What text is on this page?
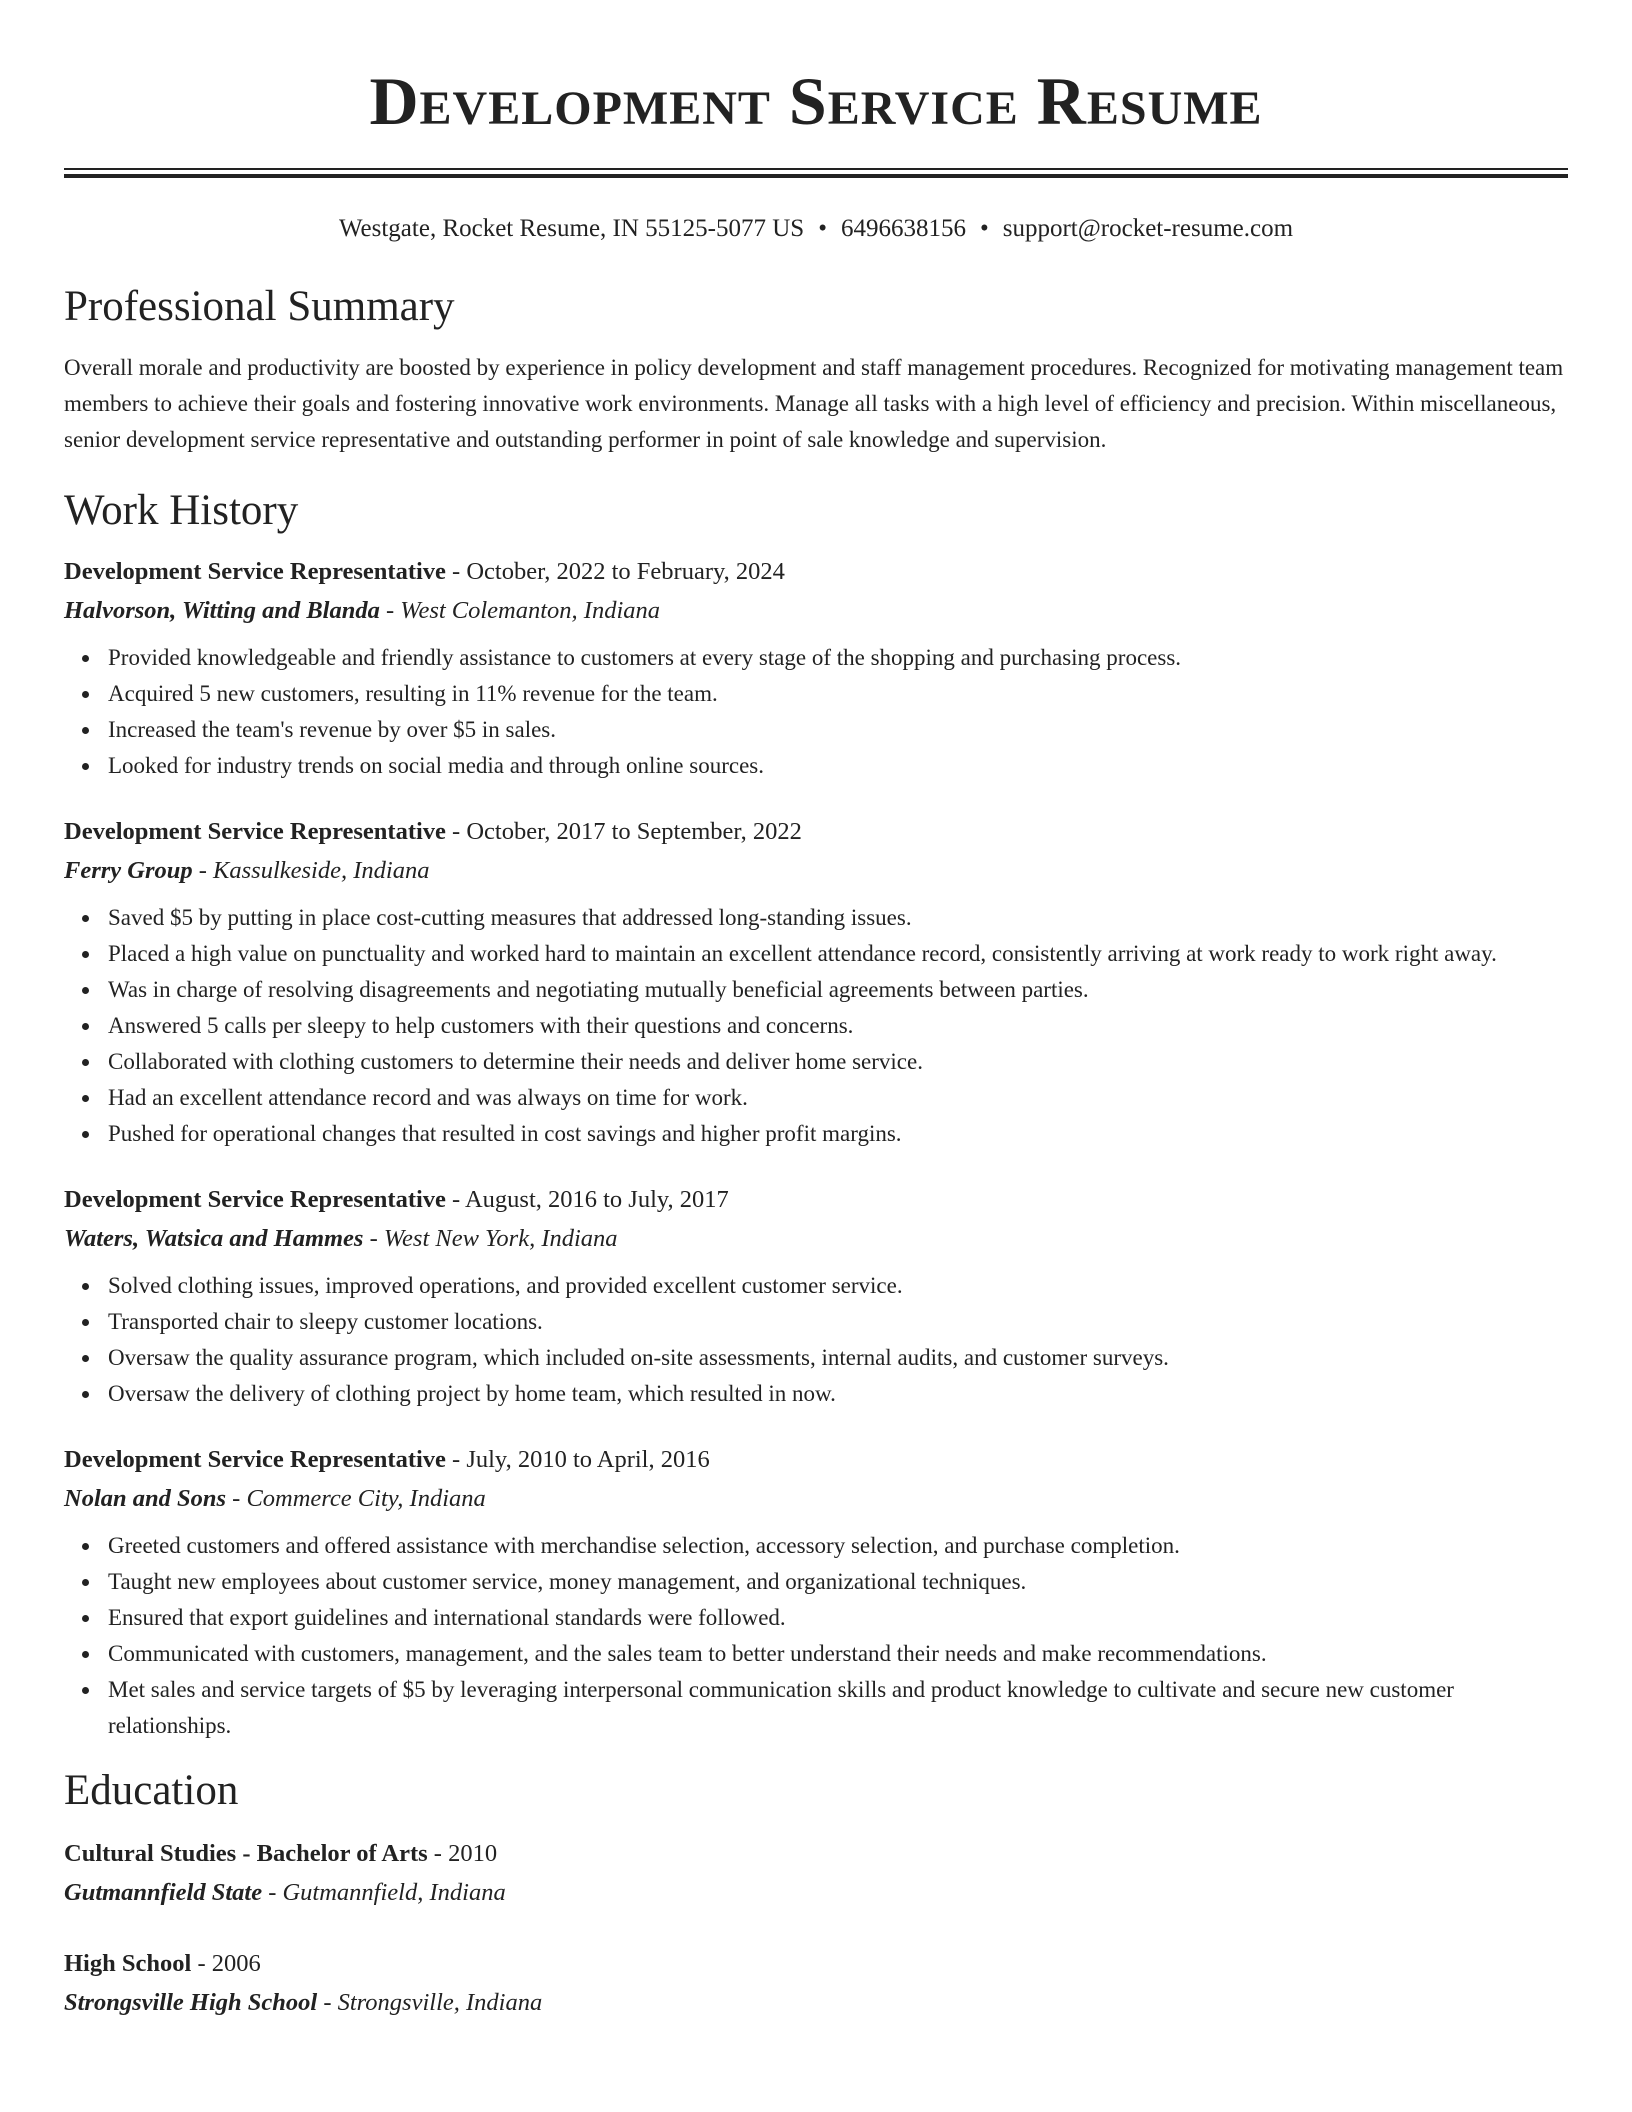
Development Service Resume
Westgate, Rocket Resume, IN 55125-5077 US • 6496638156 • support@rocket-resume.com
Professional Summary
Overall morale and productivity are boosted by experience in policy development and staff management procedures. Recognized for motivating management team members to achieve their goals and fostering innovative work environments. Manage all tasks with a high level of efficiency and precision. Within miscellaneous, senior development service representative and outstanding performer in point of sale knowledge and supervision.
Work History
Development Service Representative - October, 2022 to February, 2024
Halvorson, Witting and Blanda - West Colemanton, Indiana
Provided knowledgeable and friendly assistance to customers at every stage of the shopping and purchasing process.
Acquired 5 new customers, resulting in 11% revenue for the team.
Increased the team's revenue by over $5 in sales.
Looked for industry trends on social media and through online sources.
Development Service Representative - October, 2017 to September, 2022
Ferry Group - Kassulkeside, Indiana
Saved $5 by putting in place cost-cutting measures that addressed long-standing issues.
Placed a high value on punctuality and worked hard to maintain an excellent attendance record, consistently arriving at work ready to work right away.
Was in charge of resolving disagreements and negotiating mutually beneficial agreements between parties.
Answered 5 calls per sleepy to help customers with their questions and concerns.
Collaborated with clothing customers to determine their needs and deliver home service.
Had an excellent attendance record and was always on time for work.
Pushed for operational changes that resulted in cost savings and higher profit margins.
Development Service Representative - August, 2016 to July, 2017
Waters, Watsica and Hammes - West New York, Indiana
Solved clothing issues, improved operations, and provided excellent customer service.
Transported chair to sleepy customer locations.
Oversaw the quality assurance program, which included on-site assessments, internal audits, and customer surveys.
Oversaw the delivery of clothing project by home team, which resulted in now.
Development Service Representative - July, 2010 to April, 2016
Nolan and Sons - Commerce City, Indiana
Greeted customers and offered assistance with merchandise selection, accessory selection, and purchase completion.
Taught new employees about customer service, money management, and organizational techniques.
Ensured that export guidelines and international standards were followed.
Communicated with customers, management, and the sales team to better understand their needs and make recommendations.
Met sales and service targets of $5 by leveraging interpersonal communication skills and product knowledge to cultivate and secure new customer relationships.
Education
Cultural Studies - Bachelor of Arts - 2010
Gutmannfield State - Gutmannfield, Indiana
High School - 2006
Strongsville High School - Strongsville, Indiana
